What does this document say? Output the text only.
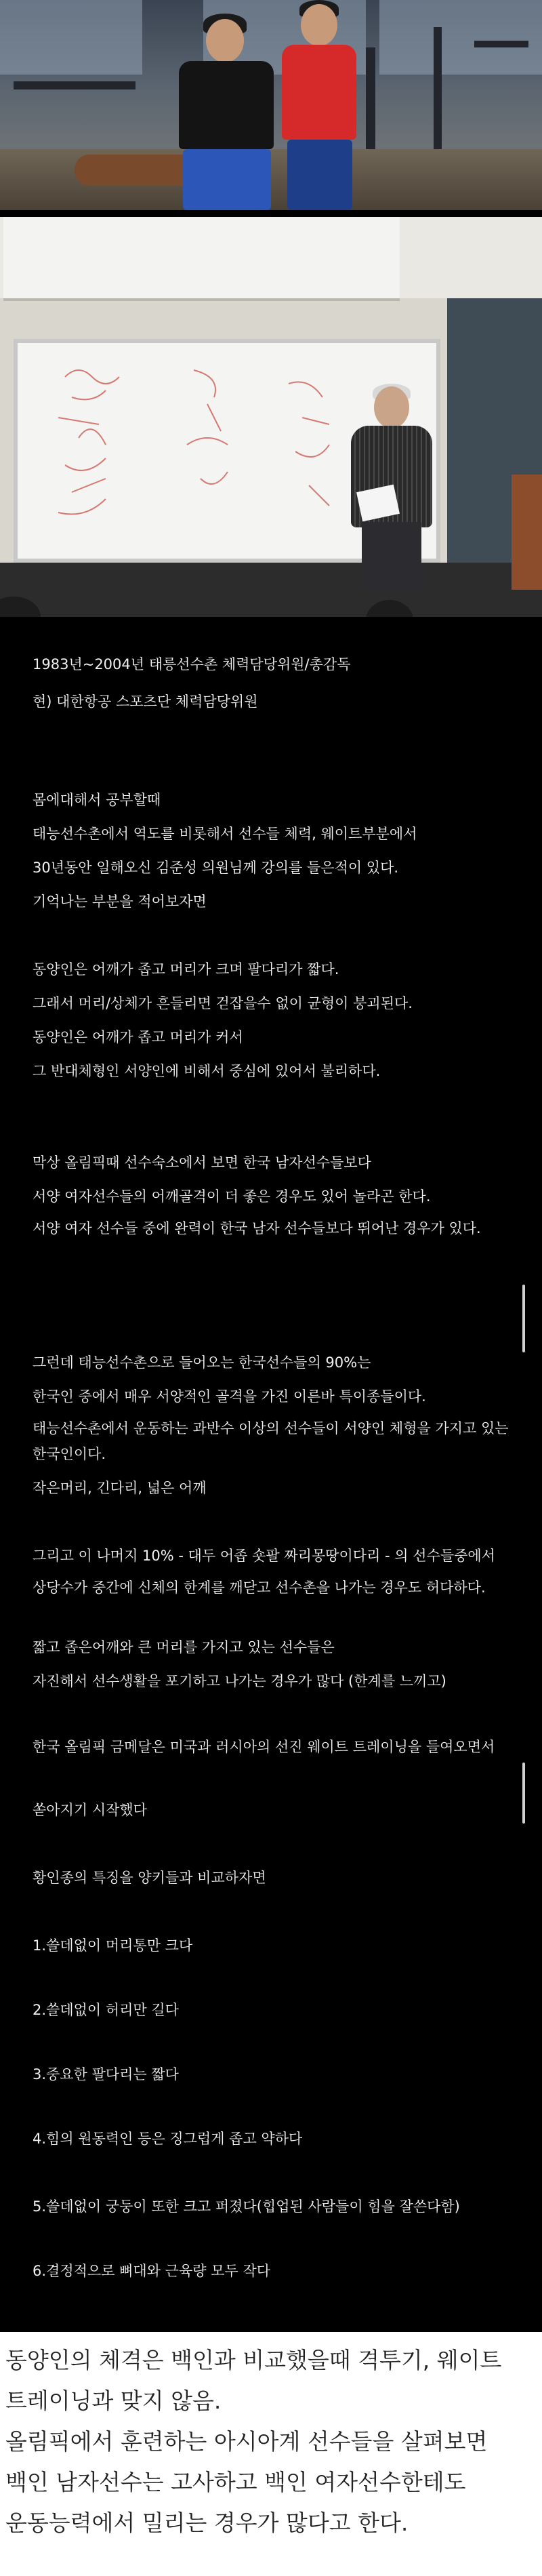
1983년~2004년 태릉선수촌 체력담당위원/총감독
현) 대한항공 스포츠단 체력담당위원
몸에대해서 공부할때
태능선수촌에서 역도를 비롯해서 선수들 체력, 웨이트부분에서
30년동안 일해오신 김준성 의원님께 강의를 들은적이 있다.
기억나는 부분을 적어보자면
동양인은 어깨가 좁고 머리가 크며 팔다리가 짧다.
그래서 머리/상체가 흔들리면 걷잡을수 없이 균형이 붕괴된다.
동양인은 어깨가 좁고 머리가 커서
그 반대체형인 서양인에 비해서 중심에 있어서 불리하다.
막상 올림픽때 선수숙소에서 보면 한국 남자선수들보다
서양 여자선수들의 어깨골격이 더 좋은 경우도 있어 놀라곤 한다.
서양 여자 선수들 중에 완력이 한국 남자 선수들보다 뛰어난 경우가 있다.
그런데 태능선수촌으로 들어오는 한국선수들의 90%는
한국인 중에서 매우 서양적인 골격을 가진 이른바 특이종들이다.
태능선수촌에서 운동하는 과반수 이상의 선수들이 서양인 체형을 가지고 있는 한국인이다.
작은머리, 긴다리, 넓은 어깨
그리고 이 나머지 10% - 대두 어좁 숏팔 짜리몽땅이다리 - 의 선수들중에서
상당수가 중간에 신체의 한계를 깨닫고 선수촌을 나가는 경우도 허다하다.
짧고 좁은어깨와 큰 머리를 가지고 있는 선수들은
자진해서 선수생활을 포기하고 나가는 경우가 많다 (한계를 느끼고)
한국 올림픽 금메달은 미국과 러시아의 선진 웨이트 트레이닝을 들여오면서
쏟아지기 시작했다
황인종의 특징을 양키들과 비교하자면
1.쓸데없이 머리통만 크다
2.쓸데없이 허리만 길다
3.중요한 팔다리는 짧다
4.힘의 원동력인 등은 징그럽게 좁고 약하다
5.쓸데없이 궁둥이 또한 크고 퍼졌다(힙업된 사람들이 힘을 잘쓴다함)
6.결정적으로 뼈대와 근육량 모두 작다
동양인의 체격은 백인과 비교했을때 격투기, 웨이트
트레이닝과 맞지 않음.
올림픽에서 훈련하는 아시아계 선수들을 살펴보면
백인 남자선수는 고사하고 백인 여자선수한테도
운동능력에서 밀리는 경우가 많다고 한다.
